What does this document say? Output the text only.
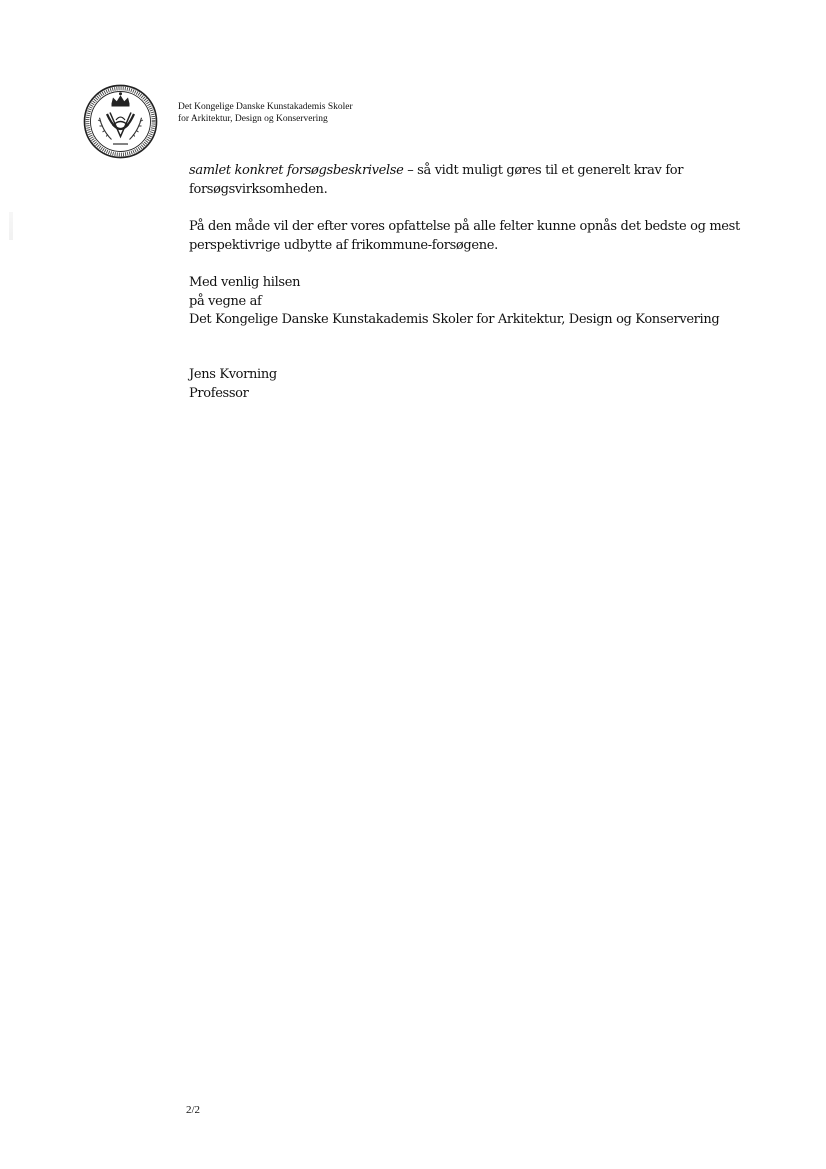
Det Kongelige Danske Kunstakademis Skoler
for Arkitektur, Design og Konservering

samlet konkret forsøgsbeskrivelse – så vidt muligt gøres til et generelt krav for
forsøgsvirksomheden.

På den måde vil der efter vores opfattelse på alle felter kunne opnås det bedste og mest
perspektivrige udbytte af frikommune-forsøgene.

Med venlig hilsen
på vegne af
Det Kongelige Danske Kunstakademis Skoler for Arkitektur, Design og Konservering

Jens Kvorning
Professor
2/2
